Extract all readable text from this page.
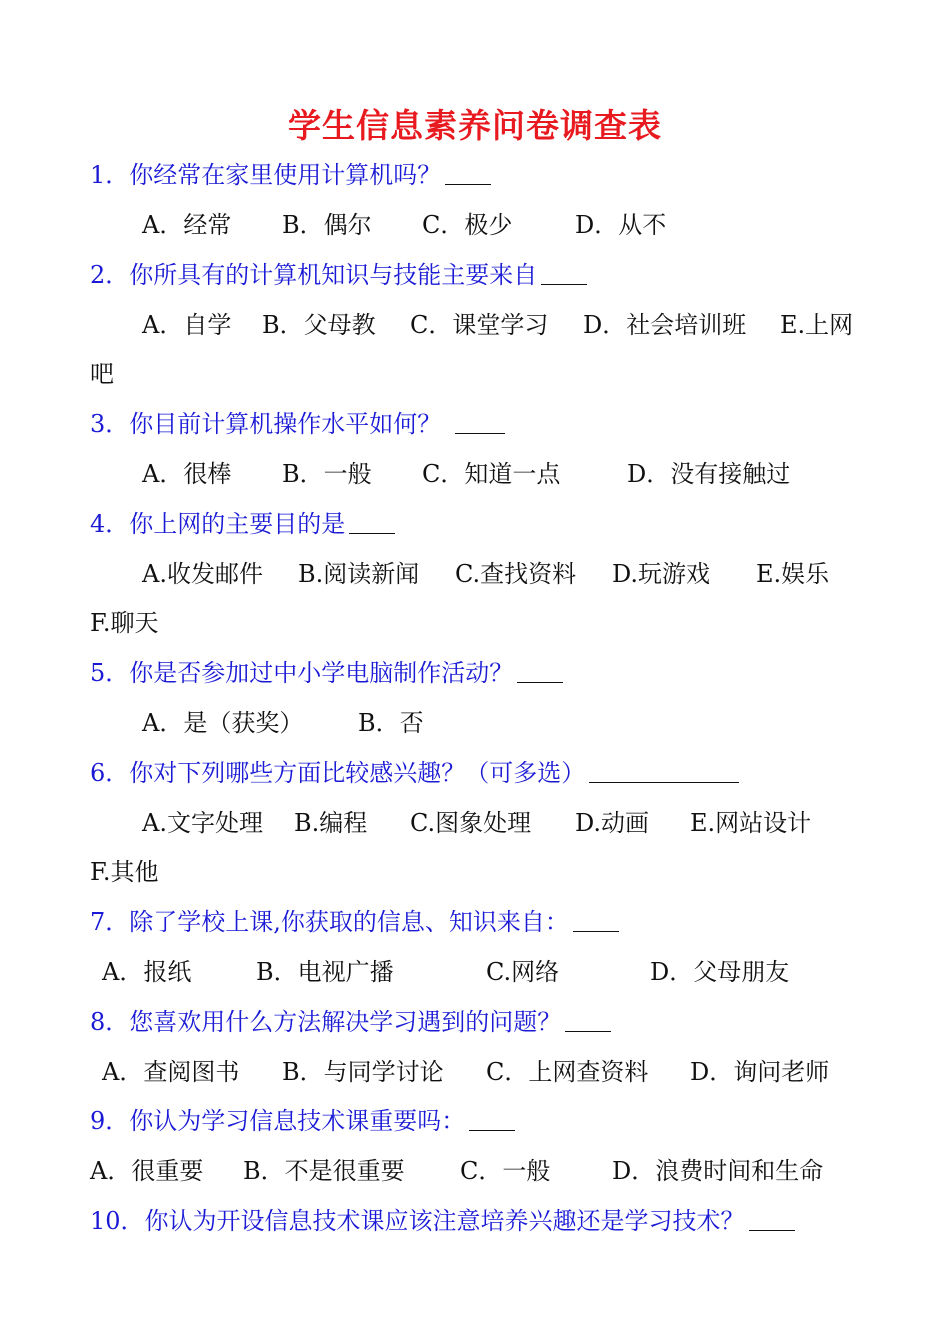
学生信息素养问卷调查表
1．你经常在家里使用计算机吗？
A．经常 B．偶尔 C．极少	D．从不
2．你所具有的计算机知识与技能主要来自
A．自学 B．父母教 C．课堂学习 D．社会培训班 E.上网
吧
3．你目前计算机操作水平如何？
A．很棒 B．一般 C．知道一点	D．没有接触过
4．你上网的主要目的是
A.收发邮件 B.阅读新闻 C.查找资料 D.玩游戏 E.娱乐
F.聊天
5．你是否参加过中小学电脑制作活动？
A．是（获奖） B．否
6．你对下列哪些方面比较感兴趣？（可多选）
A.文字处理 B.编程 C.图象处理 D.动画 E.网站设计
F.其他
7．除了学校上课,你获取的信息、知识来自：
A．报纸	B．电视广播	C.网络	D．父母朋友
8．您喜欢用什么方法解决学习遇到的问题？
A．查阅图书 B．与同学讨论 C．上网查资料 D．询问老师
9．你认为学习信息技术课重要吗：
A．很重要 B．不是很重要 C．一般	D．浪费时间和生命
10．你认为开设信息技术课应该注意培养兴趣还是学习技术？
